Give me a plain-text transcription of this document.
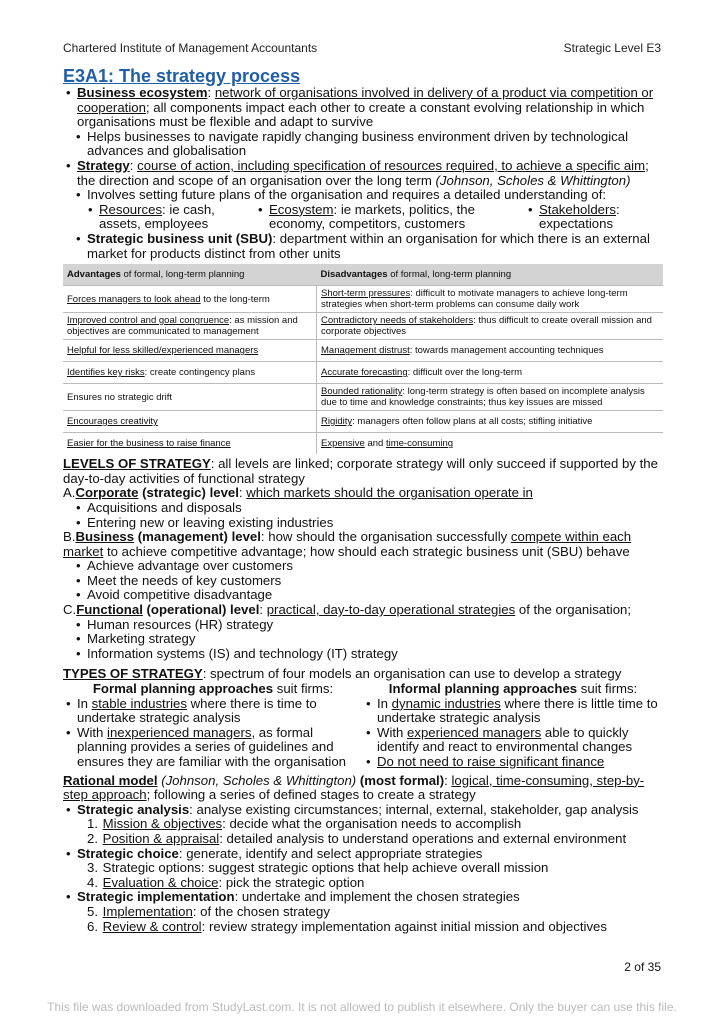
Chartered Institute of Management Accountants	Strategic Level E3
E3A1: The strategy process
• Business ecosystem: network of organisations involved in delivery of a product via competition or cooperation; all components impact each other to create a constant evolving relationship in which organisations must be flexible and adapt to survive
• Helps businesses to navigate rapidly changing business environment driven by technological advances and globalisation
• Strategy: course of action, including specification of resources required, to achieve a specific aim; the direction and scope of an organisation over the long term (Johnson, Scholes & Whittington)
• Involves setting future plans of the organisation and requires a detailed understanding of:
• Resources: ie cash, assets, employees
• Ecosystem: ie markets, politics, the economy, competitors, customers
• Stakeholders: expectations
• Strategic business unit (SBU): department within an organisation for which there is an external market for products distinct from other units
Advantages of formal, long-term planning	Disadvantages of formal, long-term planning
Forces managers to look ahead to the long-term	Short-term pressures: difficult to motivate managers to achieve long-term strategies when short-term problems can consume daily work
Improved control and goal congruence: as mission and objectives are communicated to management	Contradictory needs of stakeholders: thus difficult to create overall mission and corporate objectives
Helpful for less skilled/experienced managers	Management distrust: towards management accounting techniques
Identifies key risks: create contingency plans	Accurate forecasting: difficult over the long-term
Ensures no strategic drift	Bounded rationality: long-term strategy is often based on incomplete analysis due to time and knowledge constraints; thus key issues are missed
Encourages creativity	Rigidity: managers often follow plans at all costs; stifling initiative
Easier for the business to raise finance	Expensive and time-consuming
LEVELS OF STRATEGY: all levels are linked; corporate strategy will only succeed if supported by the day-to-day activities of functional strategy
A.Corporate (strategic) level: which markets should the organisation operate in
• Acquisitions and disposals
• Entering new or leaving existing industries
B.Business (management) level: how should the organisation successfully compete within each market to achieve competitive advantage; how should each strategic business unit (SBU) behave
• Achieve advantage over customers
• Meet the needs of key customers
• Avoid competitive disadvantage
C.Functional (operational) level: practical, day-to-day operational strategies of the organisation;
• Human resources (HR) strategy
• Marketing strategy
• Information systems (IS) and technology (IT) strategy
TYPES OF STRATEGY: spectrum of four models an organisation can use to develop a strategy
Formal planning approaches suit firms:
• In stable industries where there is time to undertake strategic analysis
• With inexperienced managers, as formal planning provides a series of guidelines and ensures they are familiar with the organisation
Informal planning approaches suit firms:
• In dynamic industries where there is little time to undertake strategic analysis
• With experienced managers able to quickly identify and react to environmental changes
• Do not need to raise significant finance
Rational model (Johnson, Scholes & Whittington) (most formal): logical, time-consuming, step-by-step approach; following a series of defined stages to create a strategy
• Strategic analysis: analyse existing circumstances; internal, external, stakeholder, gap analysis
1. Mission & objectives: decide what the organisation needs to accomplish
2. Position & appraisal: detailed analysis to understand operations and external environment
• Strategic choice: generate, identify and select appropriate strategies
3. Strategic options: suggest strategic options that help achieve overall mission
4. Evaluation & choice: pick the strategic option
• Strategic implementation: undertake and implement the chosen strategies
5. Implementation: of the chosen strategy
6. Review & control: review strategy implementation against initial mission and objectives
2 of 35
This file was downloaded from StudyLast.com. It is not allowed to publish it elsewhere. Only the buyer can use this file.
